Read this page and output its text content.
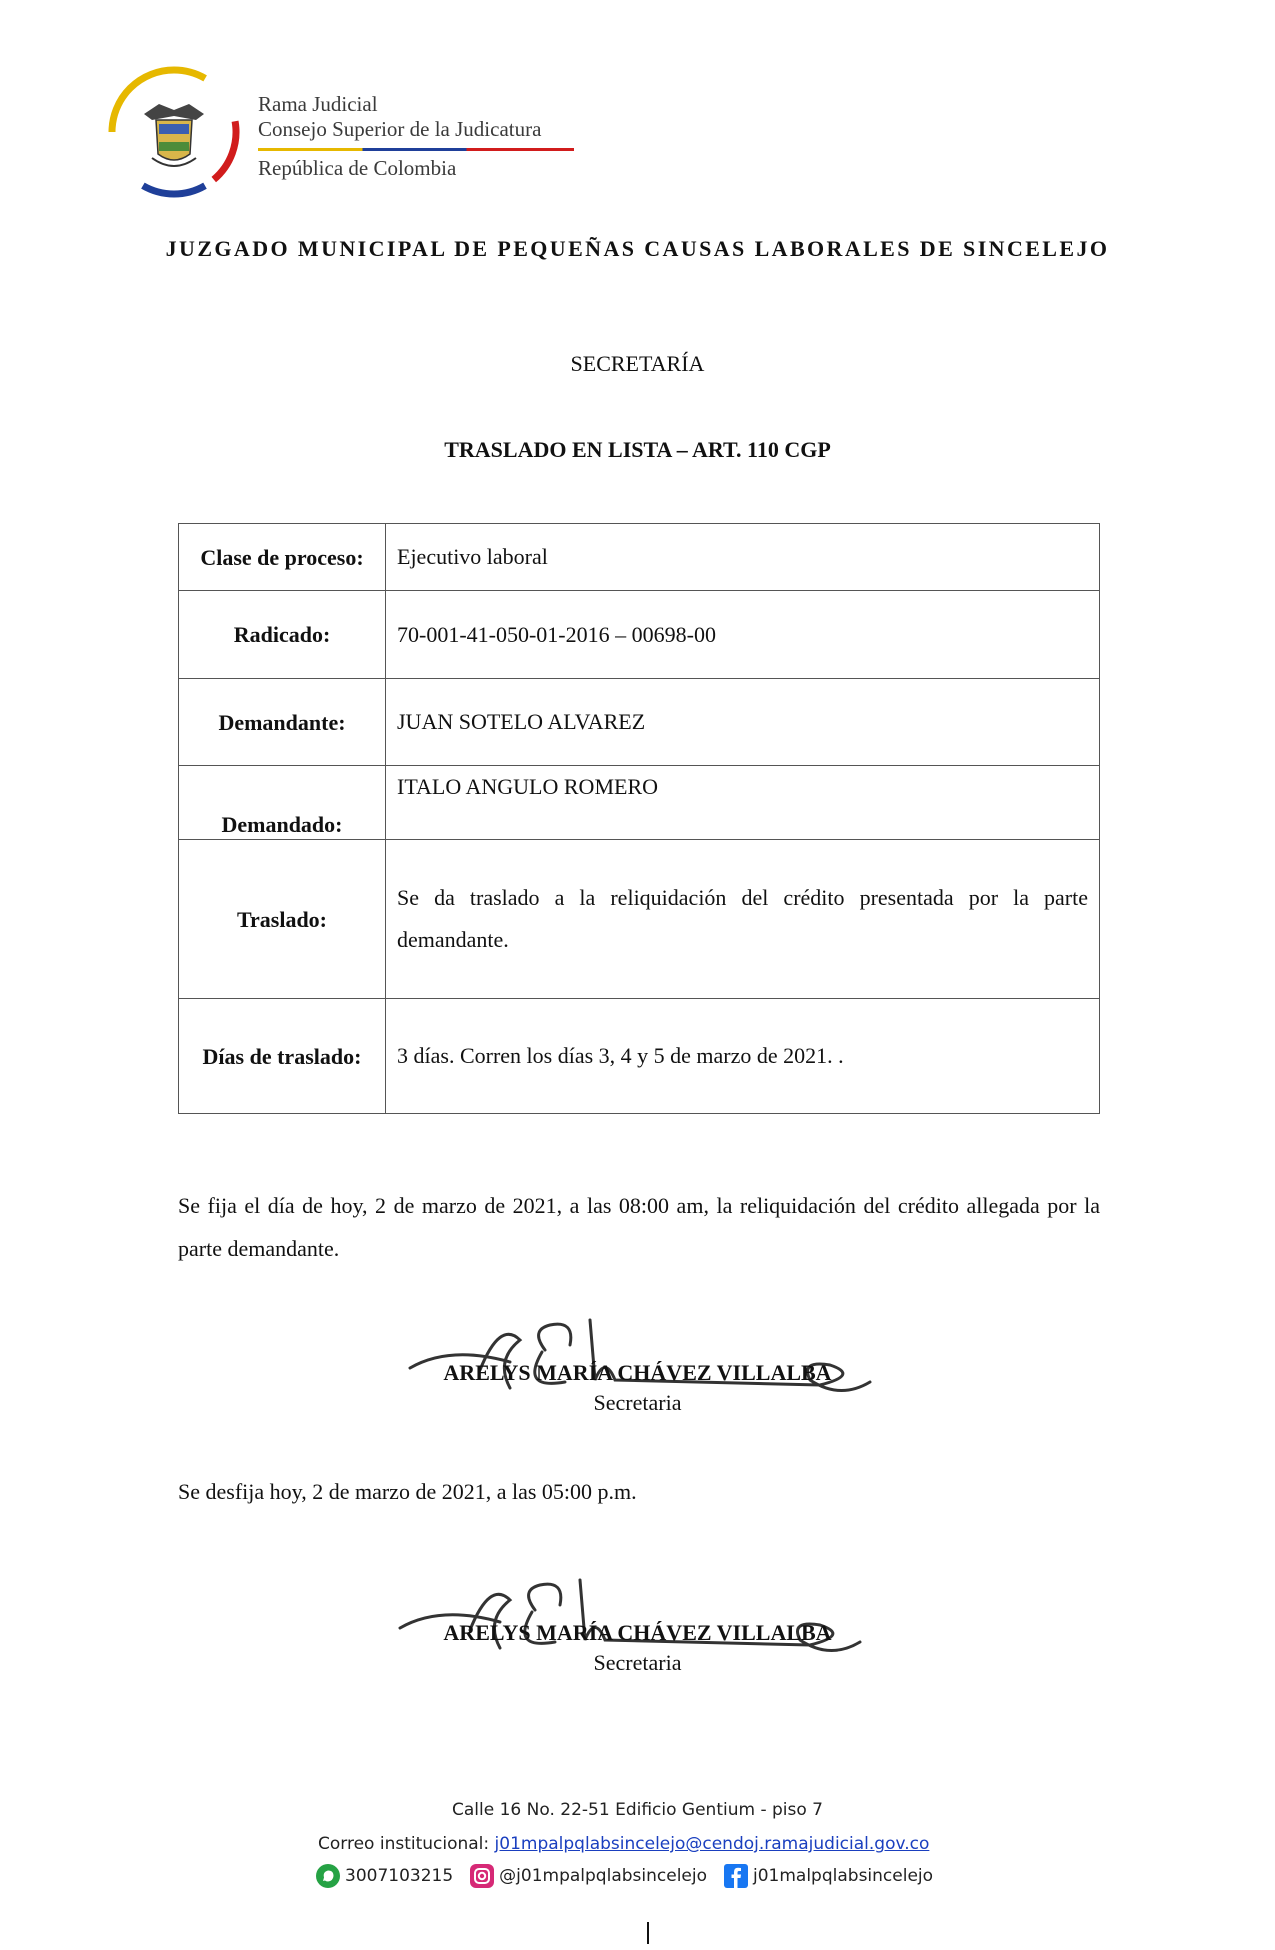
Rama Judicial
Consejo Superior de la Judicatura
República de Colombia
JUZGADO MUNICIPAL DE PEQUEÑAS CAUSAS LABORALES DE SINCELEJO
SECRETARÍA
TRASLADO EN LISTA – ART. 110 CGP
Clase de proceso:	Ejecutivo laboral
Radicado:	70-001-41-050-01-2016 – 00698-00
Demandante:	JUAN SOTELO ALVAREZ
Demandado:	ITALO ANGULO ROMERO
Traslado:	Se da traslado a la reliquidación del crédito presentada por la parte demandante.
Días de traslado:	3 días. Corren los días 3, 4 y 5 de marzo de 2021. .
Se fija el día de hoy, 2 de marzo de 2021, a las 08:00 am, la reliquidación del crédito allegada por la parte demandante.
ARELYS MARÍA CHÁVEZ VILLALBA
Secretaria
Se desfija hoy, 2 de marzo de 2021, a las 05:00 p.m.
ARELYS MARÍA CHÁVEZ VILLALBA
Secretaria
Calle 16 No. 22-51 Edificio Gentium - piso 7
Correo institucional: j01mpalpqlabsincelejo@cendoj.ramajudicial.gov.co
3007103215	@j01mpalpqlabsincelejo	j01malpqlabsincelejo
